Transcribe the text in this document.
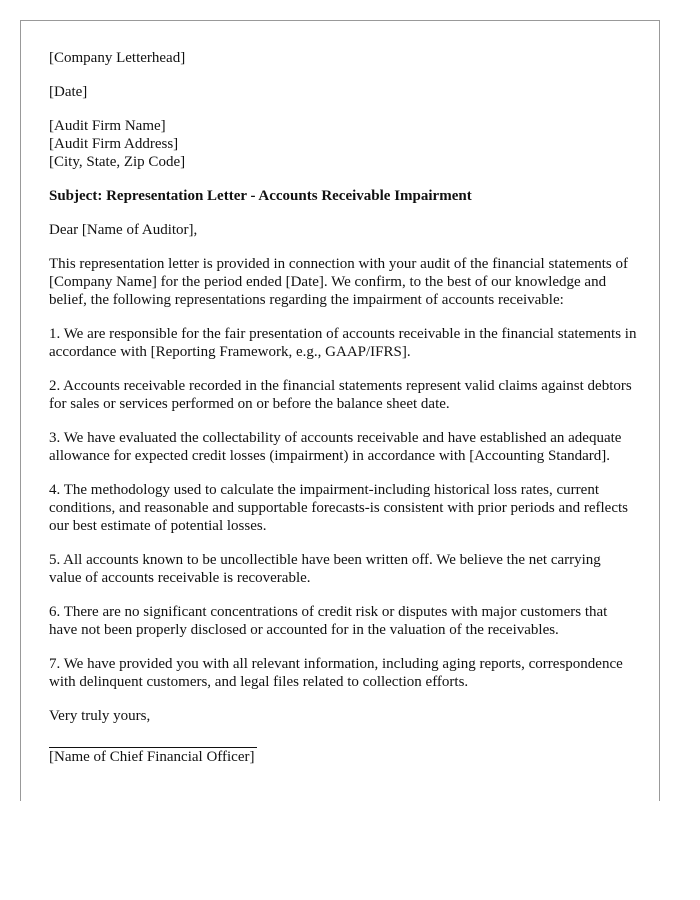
[Company Letterhead]

[Date]

[Audit Firm Name]
[Audit Firm Address]
[City, State, Zip Code]

Subject: Representation Letter - Accounts Receivable Impairment

Dear [Name of Auditor],

This representation letter is provided in connection with your audit of the financial statements of [Company Name] for the period ended [Date]. We confirm, to the best of our knowledge and belief, the following representations regarding the impairment of accounts receivable:

1. We are responsible for the fair presentation of accounts receivable in the financial statements in accordance with [Reporting Framework, e.g., GAAP/IFRS].

2. Accounts receivable recorded in the financial statements represent valid claims against debtors for sales or services performed on or before the balance sheet date.

3. We have evaluated the collectability of accounts receivable and have established an adequate allowance for expected credit losses (impairment) in accordance with [Accounting Standard].

4. The methodology used to calculate the impairment-including historical loss rates, current conditions, and reasonable and supportable forecasts-is consistent with prior periods and reflects our best estimate of potential losses.

5. All accounts known to be uncollectible have been written off. We believe the net carrying value of accounts receivable is recoverable.

6. There are no significant concentrations of credit risk or disputes with major customers that have not been properly disclosed or accounted for in the valuation of the receivables.

7. We have provided you with all relevant information, including aging reports, correspondence with delinquent customers, and legal files related to collection efforts.

Very truly yours,

[Name of Chief Financial Officer]
